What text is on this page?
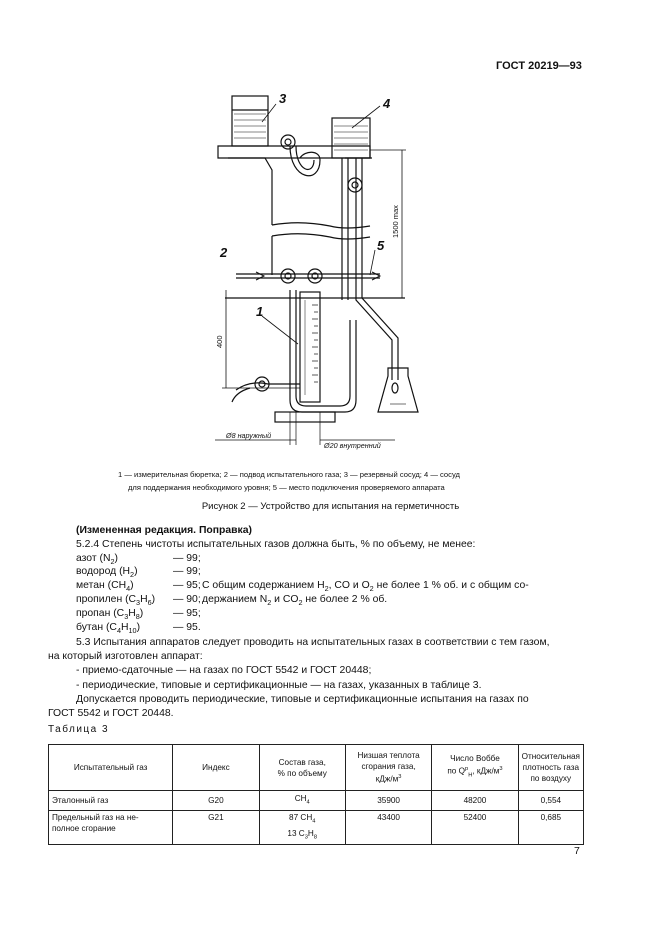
ГОСТ 20219—93
3	4
2	5
1
1500 max
400
Ø8 наружный
Ø20 внутренний
1 — измерительная бюретка; 2 — подвод испытательного газа; 3 — резервный сосуд; 4 — сосуд
для поддержания необходимого уровня; 5 — место подключения проверяемого аппарата
Рисунок 2 — Устройство для испытания на герметичность
(Измененная редакция. Поправка)
5.2.4 Степень чистоты испытательных газов должна быть, % по объему, не менее:
азот $(N_2)$	— 99;
водород $(H_2)$	— 99;
метан $(CH_4)$	— 95;
пропилен $(C_3H_6)$ — 90;
пропан $(C_3H_8)$	— 95;
бутан $(C_4H_{10})$	— 95.
С общим содержанием $H_2$, CO и $O_2$ не более 1 % об. и с общим со-
держанием $N_2$ и $CO_2$ не более 2 % об.
5.3 Испытания аппаратов следует проводить на испытательных газах в соответствии с тем газом,
на который изготовлен аппарат:
- приемо-сдаточные — на газах по ГОСТ 5542 и ГОСТ 20448;
- периодические, типовые и сертификационные — на газах, указанных в таблице 3.
Допускается проводить периодические, типовые и сертификационные испытания на газах по
ГОСТ 5542 и ГОСТ 20448.
Таблица 3
Испытательный газ	Индекс	Состав газа,
% по объему	Низшая теплота
сгорания газа,
кДж/$м^3$	Число Воббе
по $Q^р_Н$, кДж/$м^3$	Относительная
плотность газа
по воздуху
Эталонный газ	G20	$CH_4$	35900	48200	0,554
Предельный газ на не-
полное сгорание	G21	87 $CH_4$
13 $C_3H_8$	43400	52400	0,685
7
